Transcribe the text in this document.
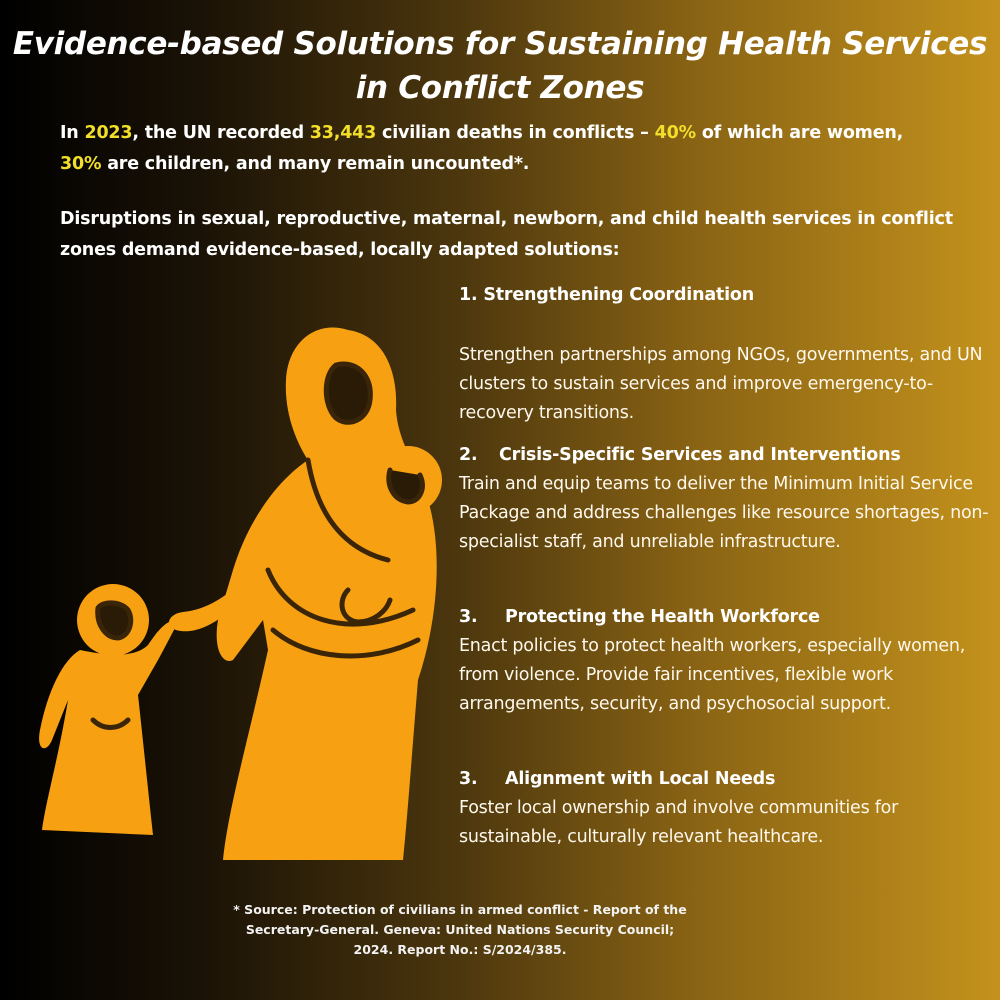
Evidence-based Solutions for Sustaining Health Services
in Conflict Zones

In 2023, the UN recorded 33,443 civilian deaths in conflicts – 40% of which are women,
30% are children, and many remain uncounted*.

Disruptions in sexual, reproductive, maternal, newborn, and child health services in conflict zones demand evidence-based, locally adapted solutions:

1. Strengthening Coordination
Strengthen partnerships among NGOs, governments, and UN clusters to sustain services and improve emergency-to-recovery transitions.
2. Crisis-Specific Services and Interventions
Train and equip teams to deliver the Minimum Initial Service Package and address challenges like resource shortages, non-specialist staff, and unreliable infrastructure.
3. Protecting the Health Workforce
Enact policies to protect health workers, especially women, from violence. Provide fair incentives, flexible work arrangements, security, and psychosocial support.
3. Alignment with Local Needs
Foster local ownership and involve communities for sustainable, culturally relevant healthcare.

* Source: Protection of civilians in armed conflict - Report of the
Secretary-General. Geneva: United Nations Security Council;
2024. Report No.: S/2024/385.
